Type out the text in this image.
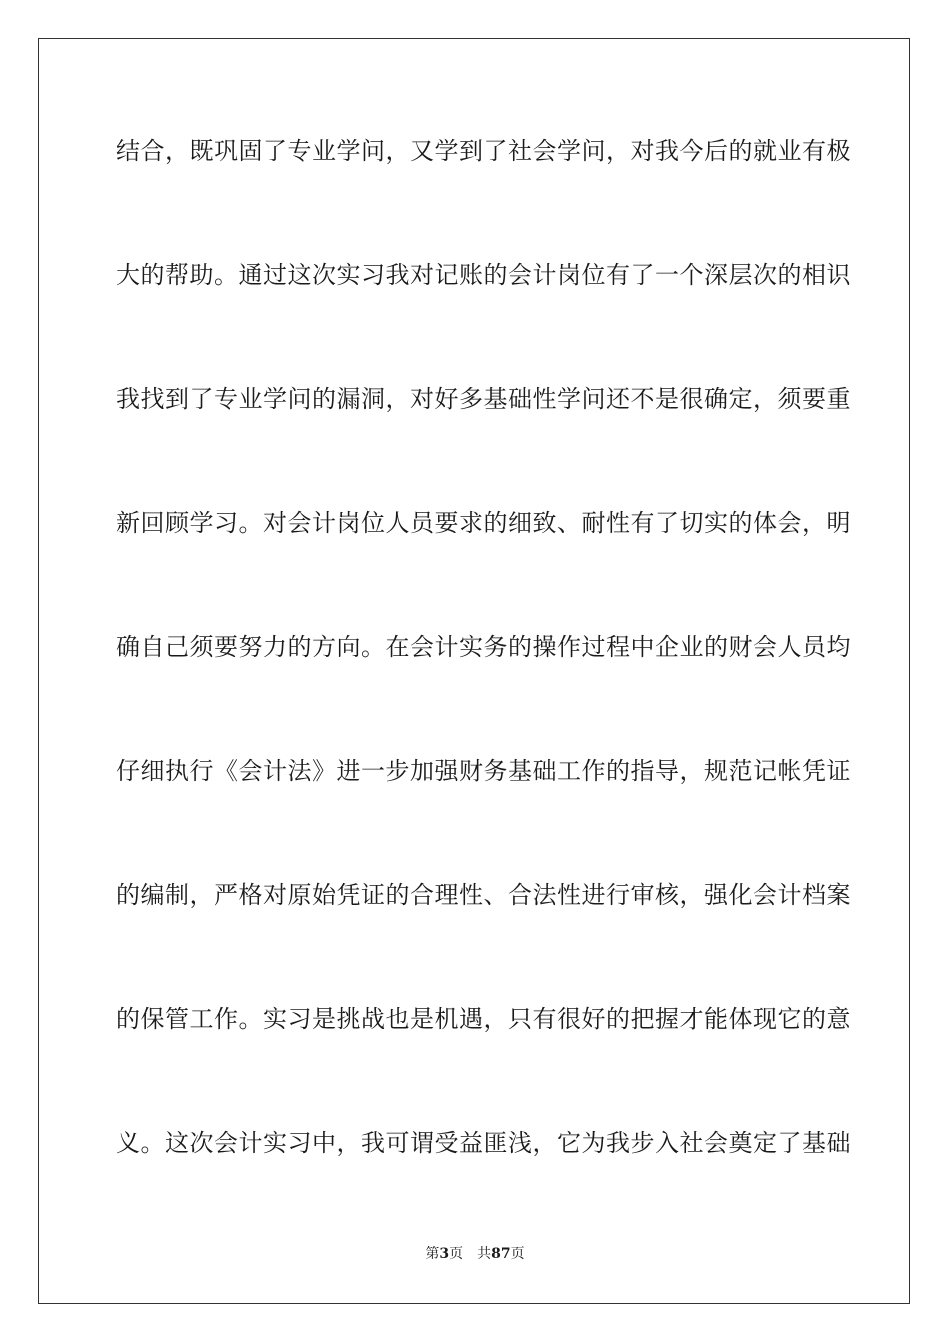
结合，既巩固了专业学问，又学到了社会学问，对我今后的就业有极
大的帮助。通过这次实习我对记账的会计岗位有了一个深层次的相识
我找到了专业学问的漏洞，对好多基础性学问还不是很确定，须要重
新回顾学习。对会计岗位人员要求的细致、耐性有了切实的体会，明
确自己须要努力的方向。在会计实务的操作过程中企业的财会人员均
仔细执行《会计法》进一步加强财务基础工作的指导，规范记帐凭证
的编制，严格对原始凭证的合理性、合法性进行审核，强化会计档案
的保管工作。实习是挑战也是机遇，只有很好的把握才能体现它的意
义。这次会计实习中，我可谓受益匪浅，它为我步入社会奠定了基础
第3页 共87页
